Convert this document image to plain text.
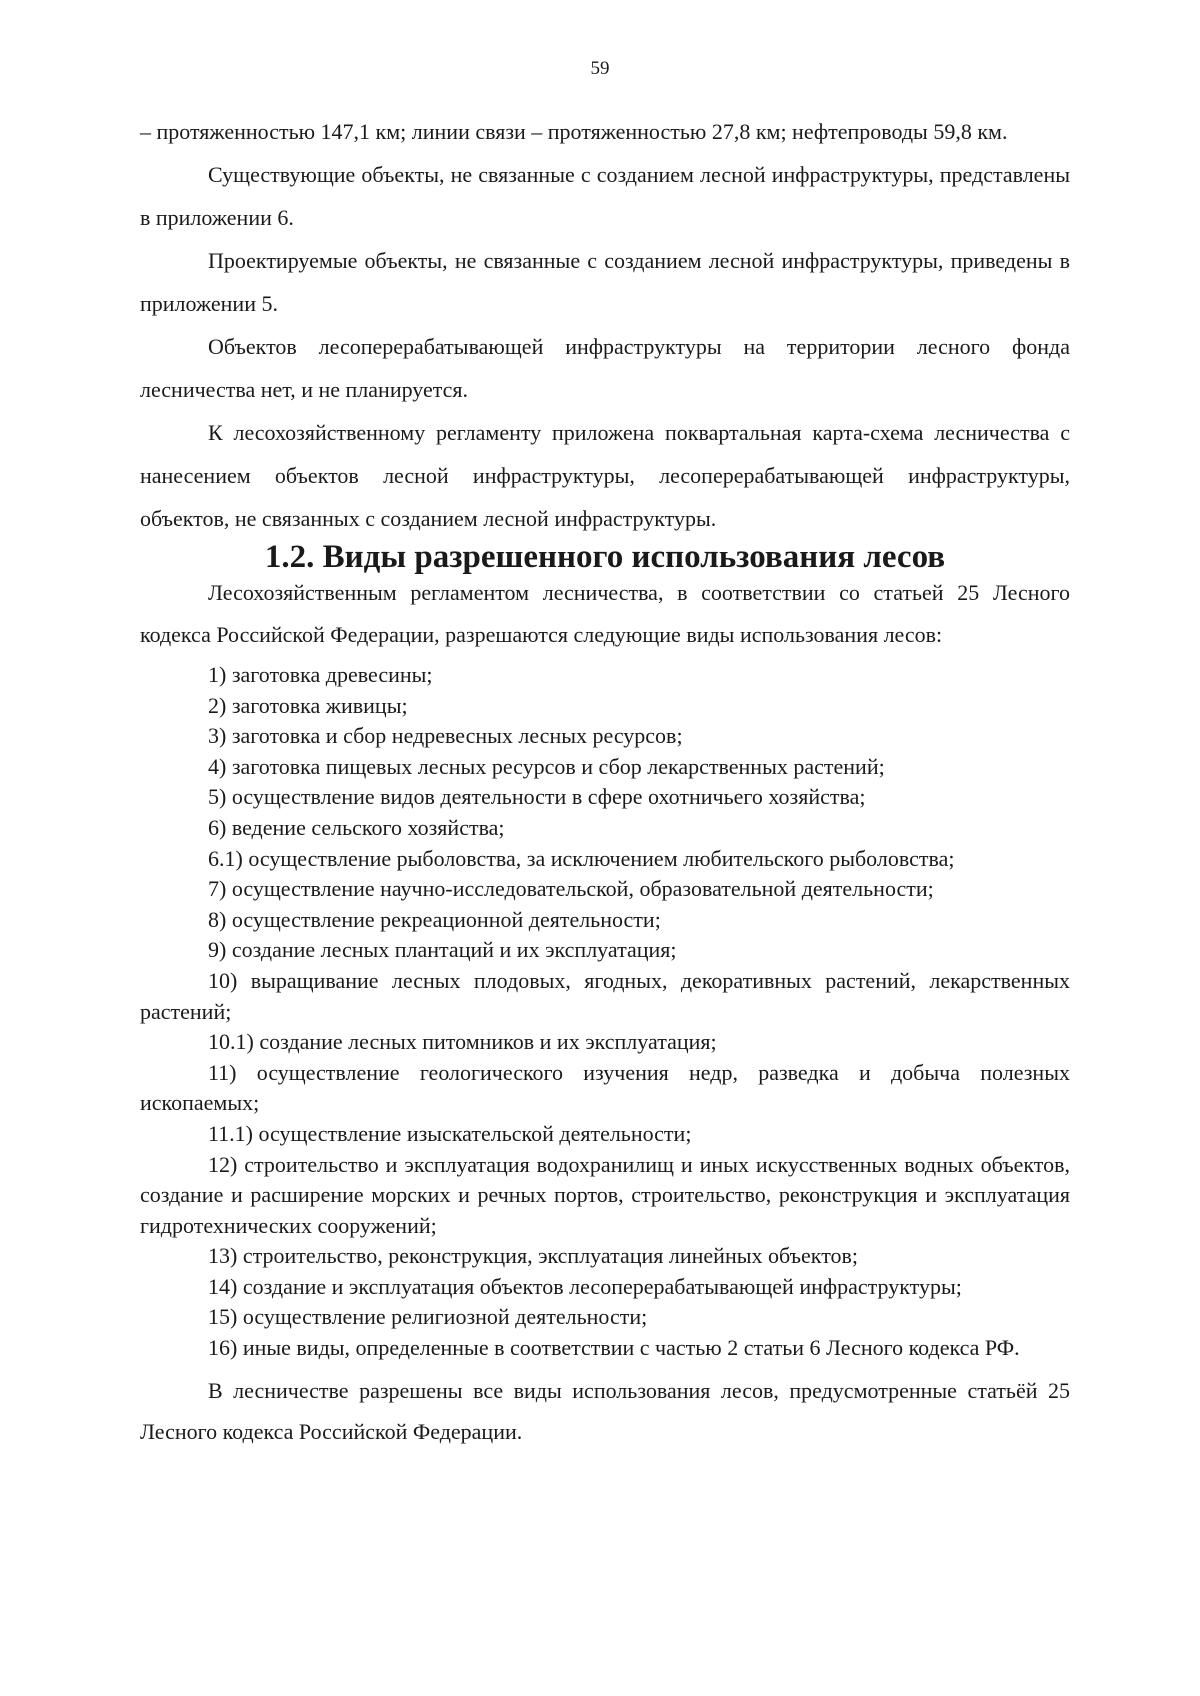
59

– протяженностью 147,1 км; линии связи – протяженностью 27,8 км; нефтепроводы 59,8 км.

Существующие объекты, не связанные с созданием лесной инфраструктуры, представлены в приложении 6.

Проектируемые объекты, не связанные с созданием лесной инфраструктуры, приведены в приложении 5.

Объектов лесоперерабатывающей инфраструктуры на территории лесного фонда лесничества нет, и не планируется.

К лесохозяйственному регламенту приложена поквартальная карта-схема лесничества с нанесением объектов лесной инфраструктуры, лесоперерабатывающей инфраструктуры, объектов, не связанных с созданием лесной инфраструктуры.

1.2. Виды разрешенного использования лесов

Лесохозяйственным регламентом лесничества, в соответствии со статьей 25 Лесного кодекса Российской Федерации, разрешаются следующие виды использования лесов:

1) заготовка древесины;
2) заготовка живицы;
3) заготовка и сбор недревесных лесных ресурсов;
4) заготовка пищевых лесных ресурсов и сбор лекарственных растений;
5) осуществление видов деятельности в сфере охотничьего хозяйства;
6) ведение сельского хозяйства;
6.1) осуществление рыболовства, за исключением любительского рыболовства;
7) осуществление научно-исследовательской, образовательной деятельности;
8) осуществление рекреационной деятельности;
9) создание лесных плантаций и их эксплуатация;
10) выращивание лесных плодовых, ягодных, декоративных растений, лекарственных растений;
10.1) создание лесных питомников и их эксплуатация;
11) осуществление геологического изучения недр, разведка и добыча полезных ископаемых;
11.1) осуществление изыскательской деятельности;
12) строительство и эксплуатация водохранилищ и иных искусственных водных объектов, создание и расширение морских и речных портов, строительство, реконструкция и эксплуатация гидротехнических сооружений;
13) строительство, реконструкция, эксплуатация линейных объектов;
14) создание и эксплуатация объектов лесоперерабатывающей инфраструктуры;
15) осуществление религиозной деятельности;
16) иные виды, определенные в соответствии с частью 2 статьи 6 Лесного кодекса РФ.

В лесничестве разрешены все виды использования лесов, предусмотренные статьёй 25 Лесного кодекса Российской Федерации.
